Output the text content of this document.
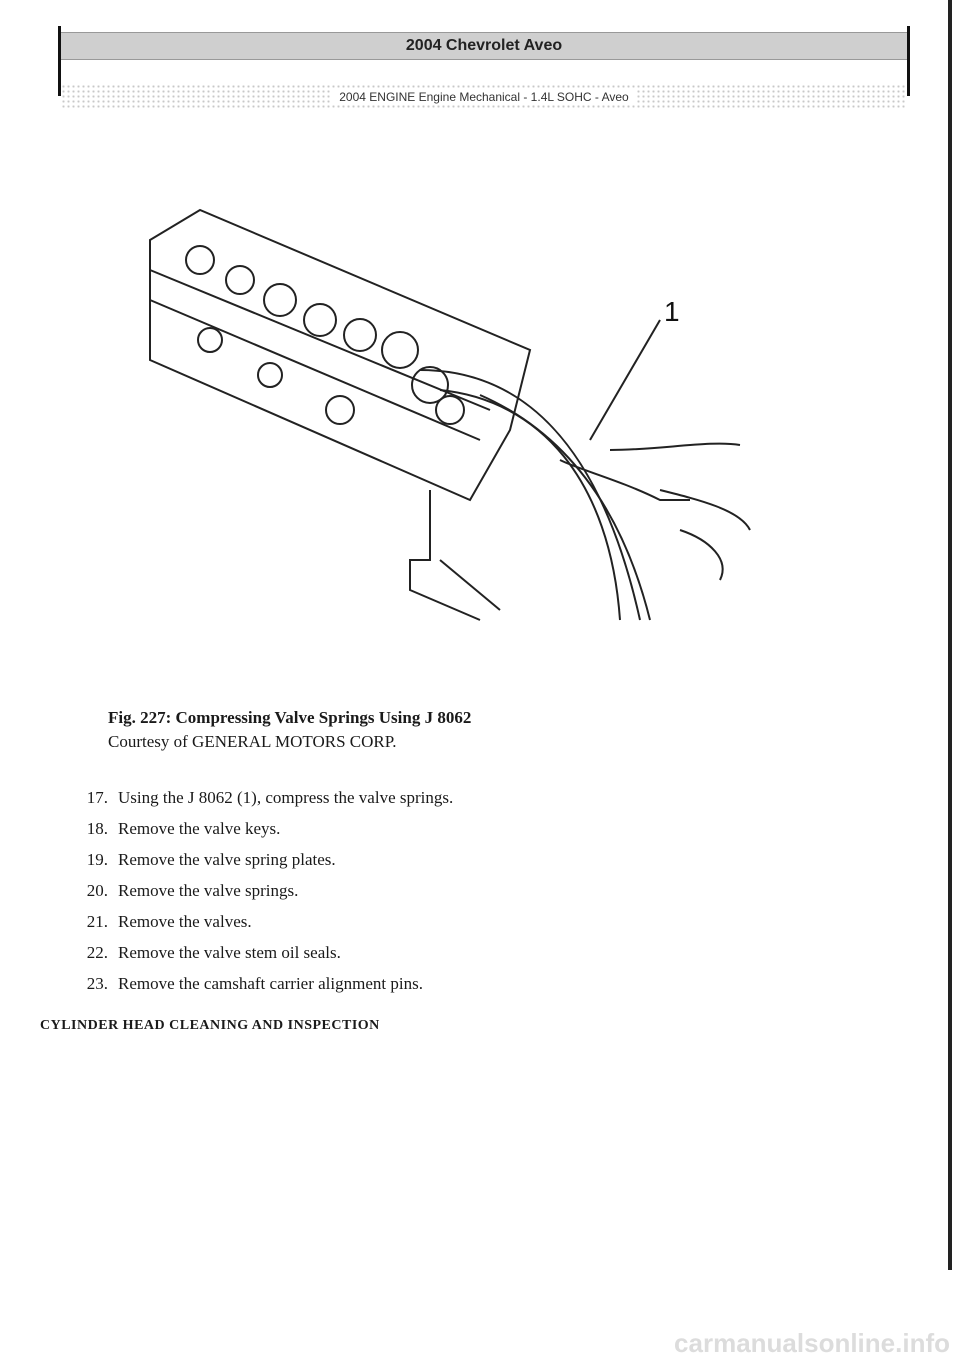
2004 Chevrolet Aveo
2004 ENGINE Engine Mechanical - 1.4L SOHC - Aveo
1
Fig. 227: Compressing Valve Springs Using J 8062
Courtesy of GENERAL MOTORS CORP.
17. Using the J 8062 (1), compress the valve springs.
18. Remove the valve keys.
19. Remove the valve spring plates.
20. Remove the valve springs.
21. Remove the valves.
22. Remove the valve stem oil seals.
23. Remove the camshaft carrier alignment pins.
CYLINDER HEAD CLEANING AND INSPECTION
carmanualsonline.info
